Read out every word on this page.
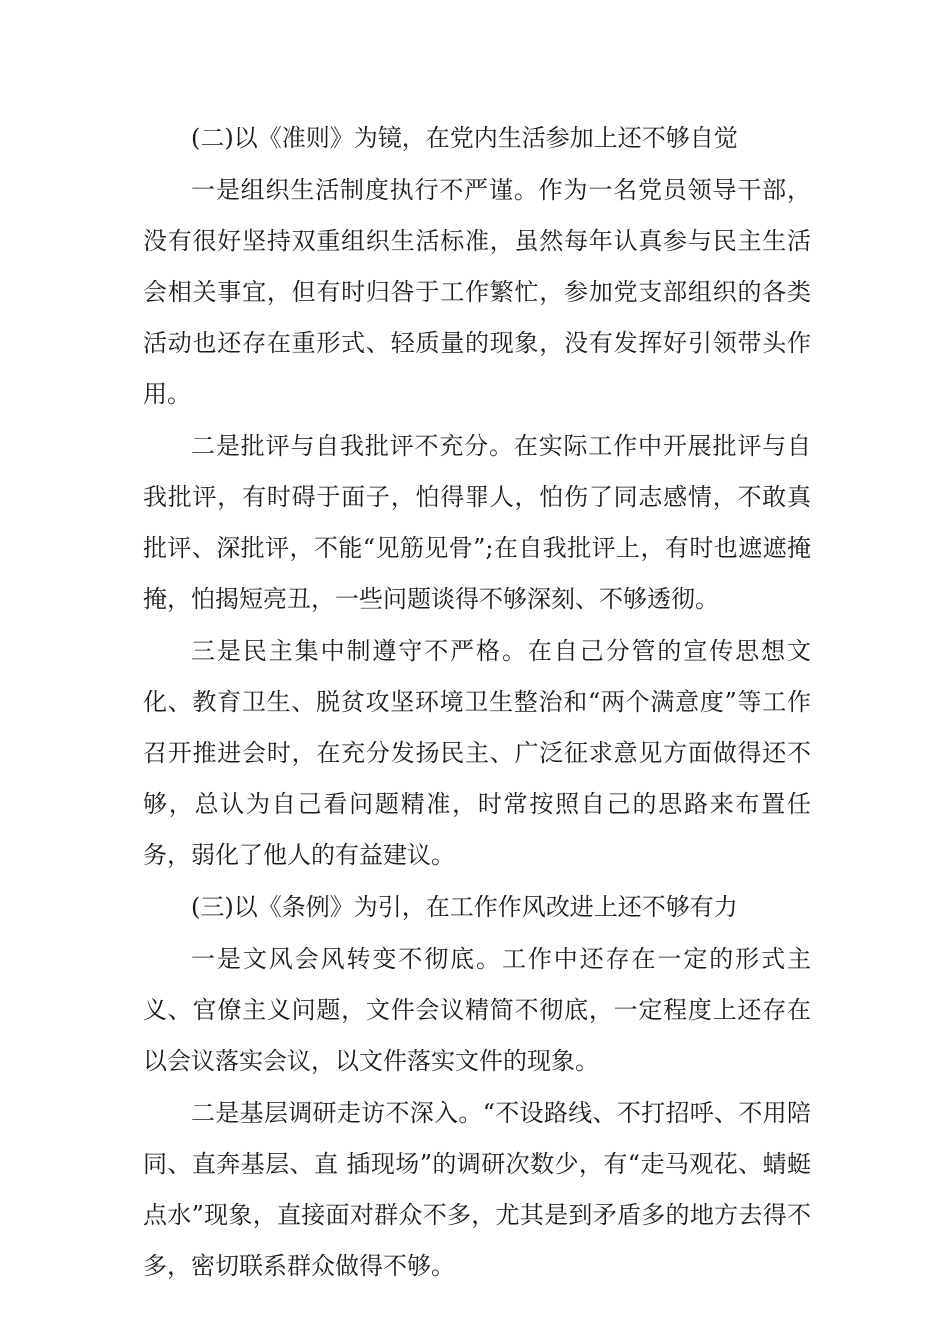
(二)以《准则》为镜，在党内生活参加上还不够自觉

一是组织生活制度执行不严谨。作为一名党员领导干部，没有很好坚持双重组织生活标准，虽然每年认真参与民主生活会相关事宜，但有时归咎于工作繁忙，参加党支部组织的各类活动也还存在重形式、轻质量的现象，没有发挥好引领带头作用。

二是批评与自我批评不充分。在实际工作中开展批评与自我批评，有时碍于面子，怕得罪人，怕伤了同志感情，不敢真批评、深批评，不能“见筋见骨”;在自我批评上，有时也遮遮掩掩，怕揭短亮丑，一些问题谈得不够深刻、不够透彻。

三是民主集中制遵守不严格。在自己分管的宣传思想文化、教育卫生、脱贫攻坚环境卫生整治和“两个满意度”等工作召开推进会时，在充分发扬民主、广泛征求意见方面做得还不够，总认为自己看问题精准，时常按照自己的思路来布置任务，弱化了他人的有益建议。

(三)以《条例》为引，在工作作风改进上还不够有力

一是文风会风转变不彻底。工作中还存在一定的形式主义、官僚主义问题，文件会议精简不彻底，一定程度上还存在以会议落实会议，以文件落实文件的现象。

二是基层调研走访不深入。“不设路线、不打招呼、不用陪同、直奔基层、直 插现场”的调研次数少，有“走马观花、蜻蜓点水”现象，直接面对群众不多，尤其是到矛盾多的地方去得不多，密切联系群众做得不够。
